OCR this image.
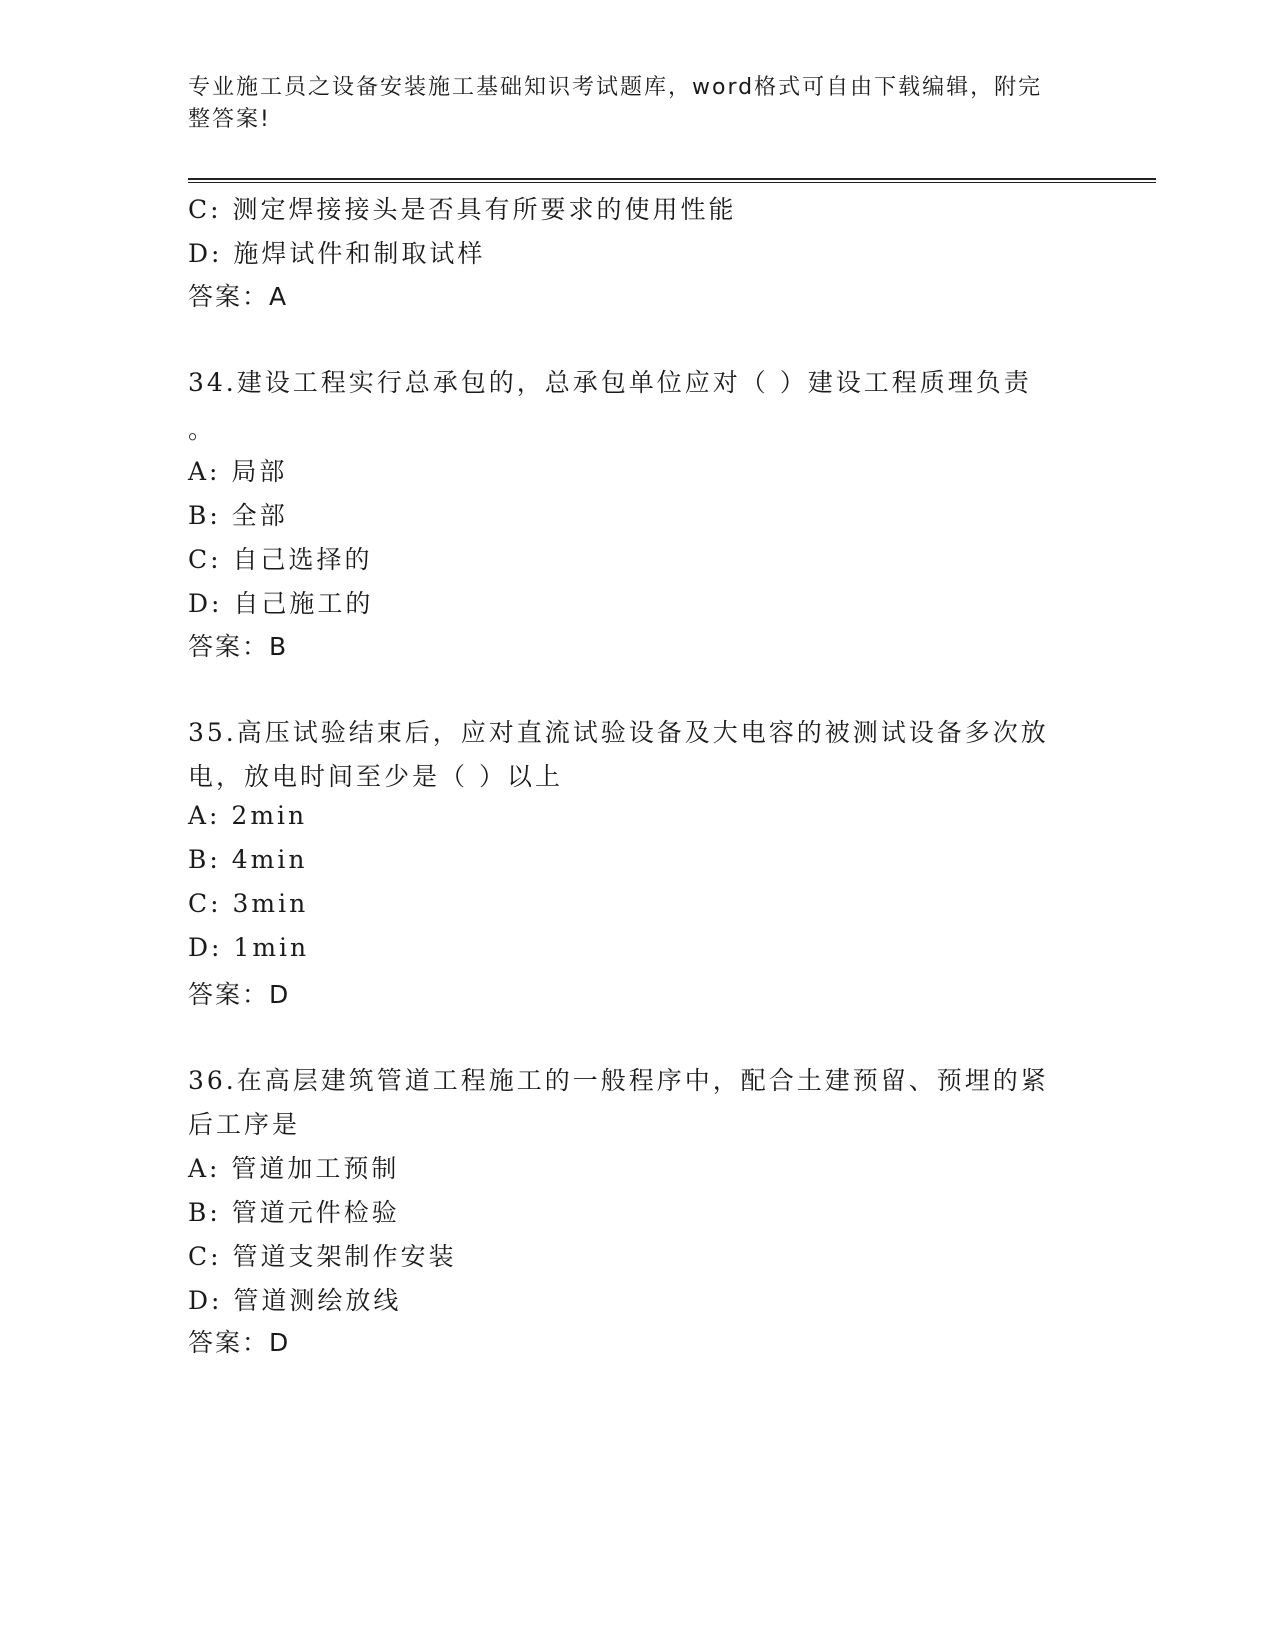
专业施工员之设备安装施工基础知识考试题库，word格式可自由下载编辑，附完
整答案!
C: 测定焊接接头是否具有所要求的使用性能
D: 施焊试件和制取试样
答案：A
34.建设工程实行总承包的，总承包单位应对（ ）建设工程质理负责
。
A: 局部
B: 全部
C: 自己选择的
D: 自己施工的
答案：B
35.高压试验结束后，应对直流试验设备及大电容的被测试设备多次放
电，放电时间至少是（ ）以上
A: 2min
B: 4min
C: 3min
D: 1min
答案：D
36.在高层建筑管道工程施工的一般程序中，配合土建预留、预埋的紧
后工序是
A: 管道加工预制
B: 管道元件检验
C: 管道支架制作安装
D: 管道测绘放线
答案：D
